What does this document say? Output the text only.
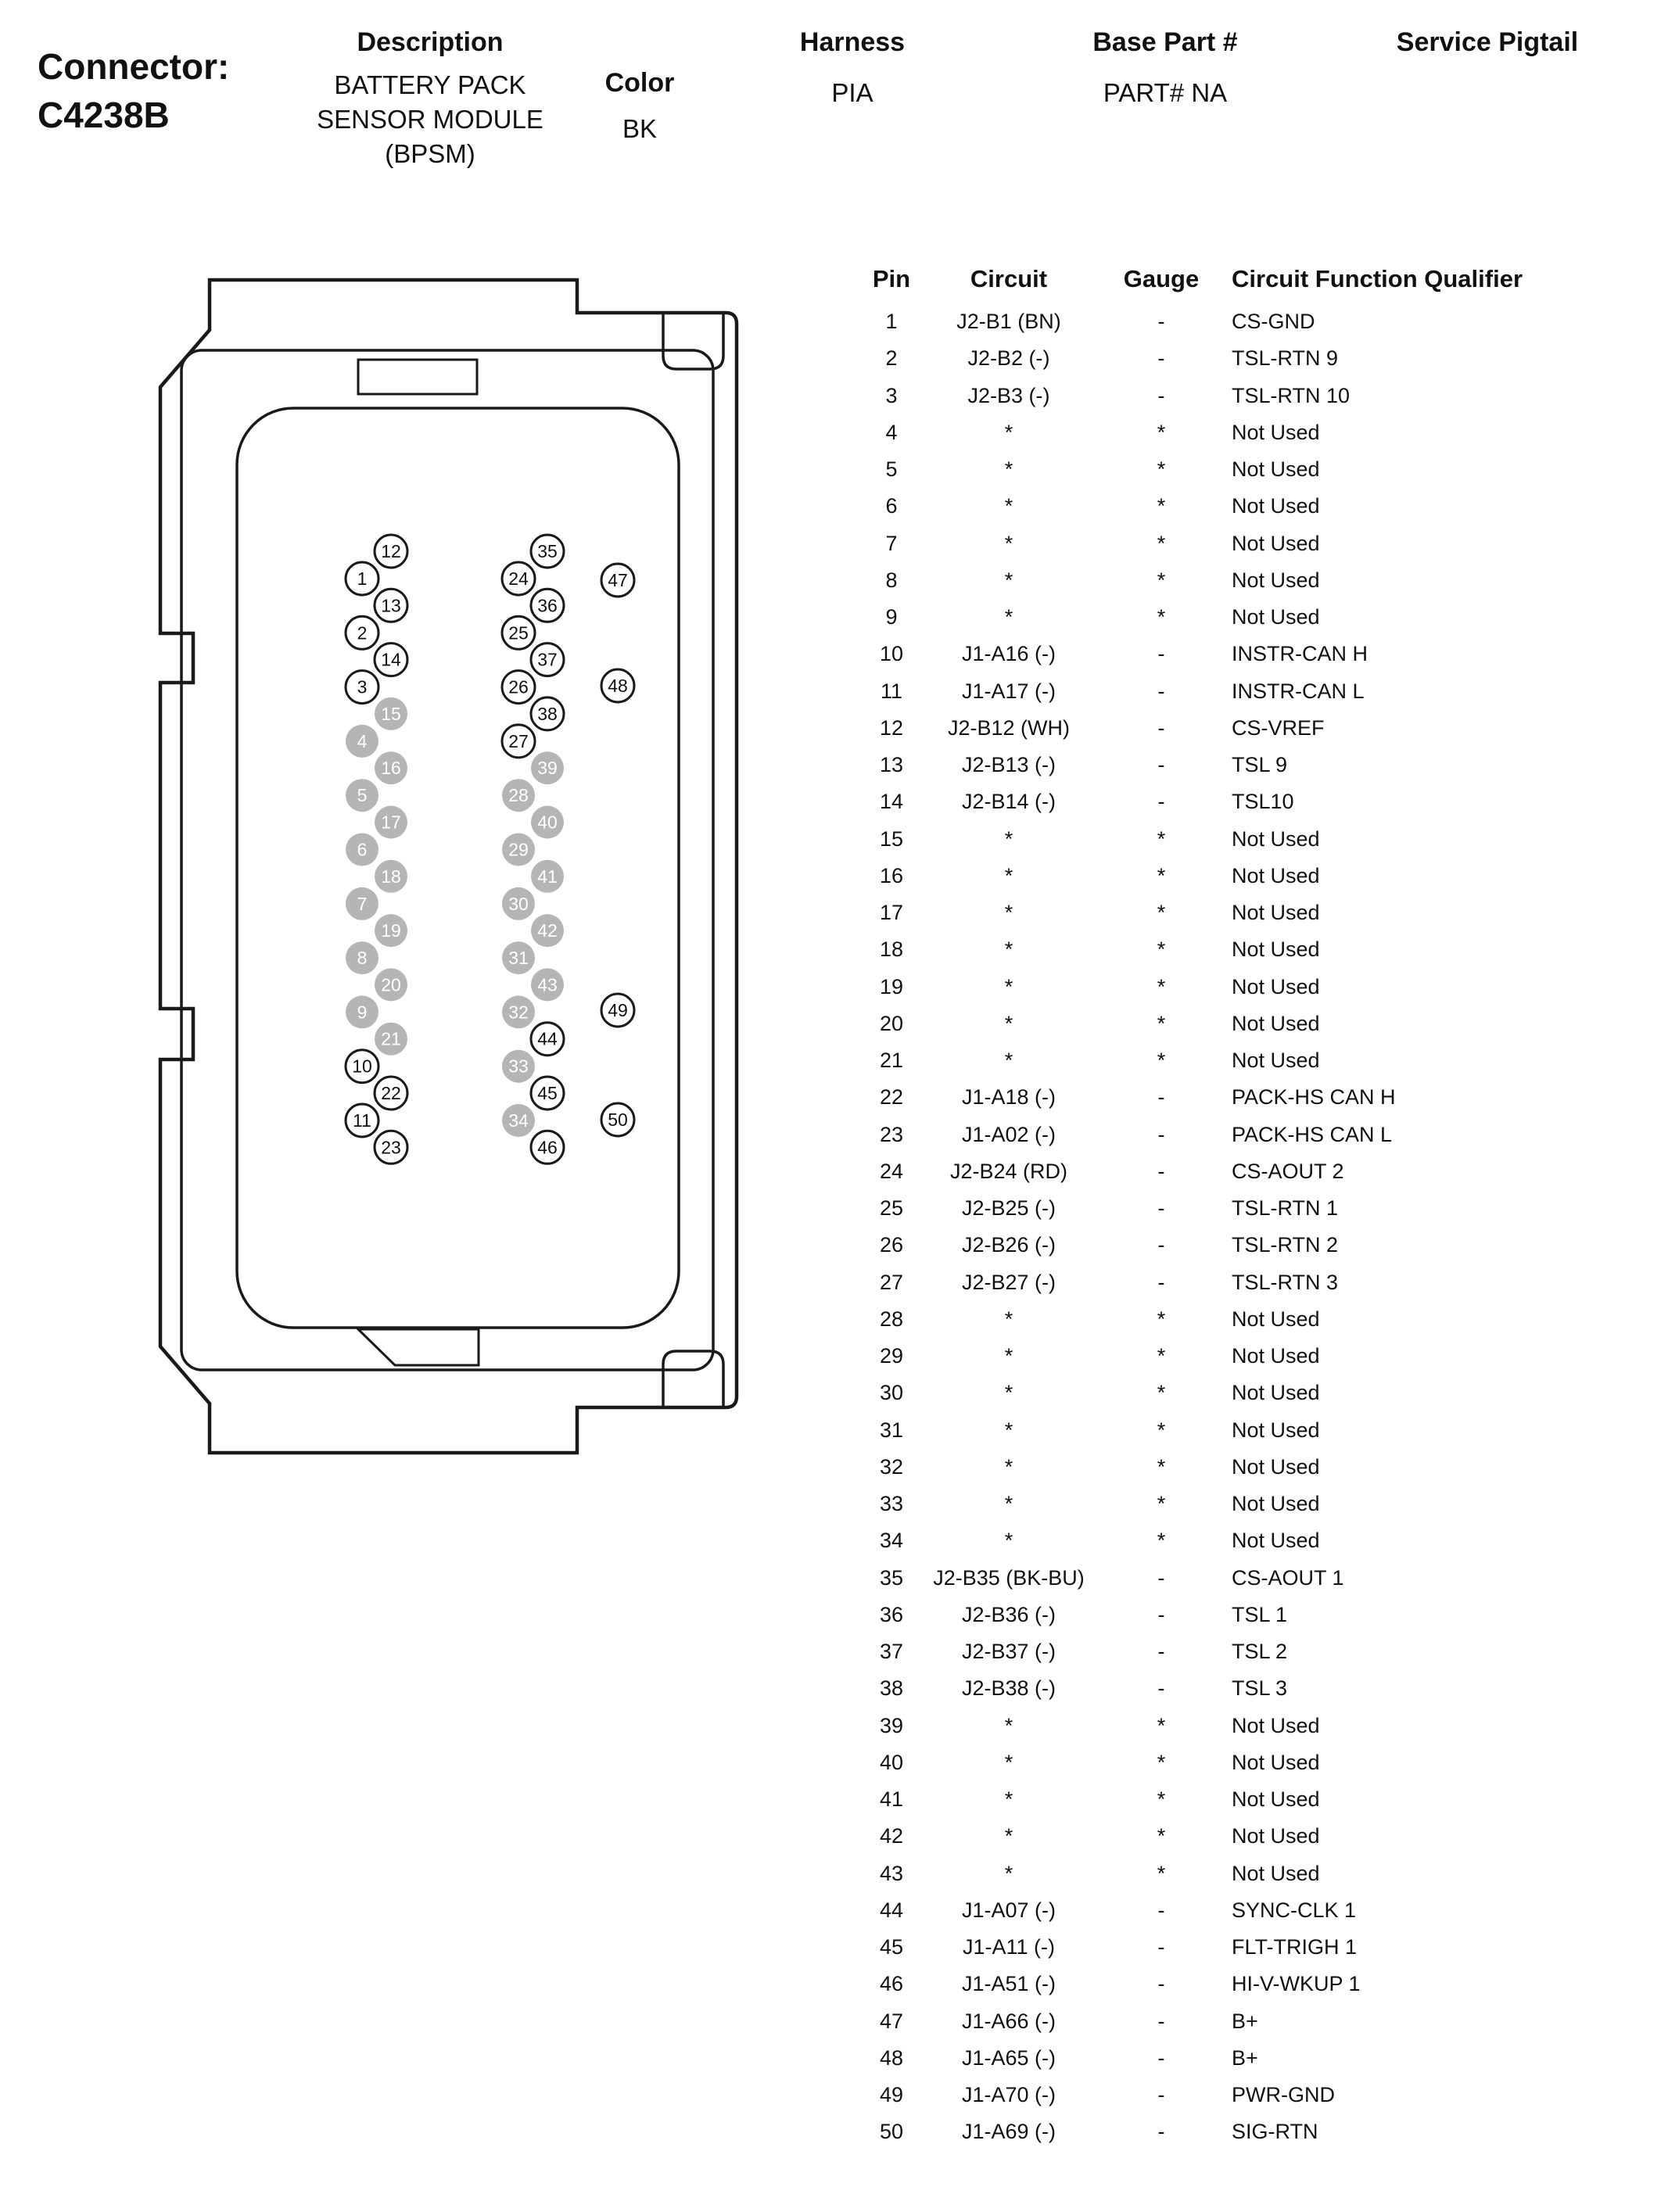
Connector:
C4238B
Description
BATTERY PACK
SENSOR MODULE
(BPSM)
Color
BK
Harness
PIA
Base Part #
PART# NA
Service Pigtail
1
2
3
4
5
6
7
8
9
10
11
12
13
14
15
16
17
18
19
20
21
22
23
24
25
26
27
28
29
30
31
32
33
34
35
36
37
38
39
40
41
42
43
44
45
46
47
48
49
50
Pin	Circuit	Gauge	Circuit Function Qualifier
1	J2-B1 (BN)	-	CS-GND
2	J2-B2 (-)	-	TSL-RTN 9
3	J2-B3 (-)	-	TSL-RTN 10
4	*	*	Not Used
5	*	*	Not Used
6	*	*	Not Used
7	*	*	Not Used
8	*	*	Not Used
9	*	*	Not Used
10	J1-A16 (-)	-	INSTR-CAN H
11	J1-A17 (-)	-	INSTR-CAN L
12	J2-B12 (WH)	-	CS-VREF
13	J2-B13 (-)	-	TSL 9
14	J2-B14 (-)	-	TSL10
15	*	*	Not Used
16	*	*	Not Used
17	*	*	Not Used
18	*	*	Not Used
19	*	*	Not Used
20	*	*	Not Used
21	*	*	Not Used
22	J1-A18 (-)	-	PACK-HS CAN H
23	J1-A02 (-)	-	PACK-HS CAN L
24	J2-B24 (RD)	-	CS-AOUT 2
25	J2-B25 (-)	-	TSL-RTN 1
26	J2-B26 (-)	-	TSL-RTN 2
27	J2-B27 (-)	-	TSL-RTN 3
28	*	*	Not Used
29	*	*	Not Used
30	*	*	Not Used
31	*	*	Not Used
32	*	*	Not Used
33	*	*	Not Used
34	*	*	Not Used
35	J2-B35 (BK-BU)	-	CS-AOUT 1
36	J2-B36 (-)	-	TSL 1
37	J2-B37 (-)	-	TSL 2
38	J2-B38 (-)	-	TSL 3
39	*	*	Not Used
40	*	*	Not Used
41	*	*	Not Used
42	*	*	Not Used
43	*	*	Not Used
44	J1-A07 (-)	-	SYNC-CLK 1
45	J1-A11 (-)	-	FLT-TRIGH 1
46	J1-A51 (-)	-	HI-V-WKUP 1
47	J1-A66 (-)	-	B+
48	J1-A65 (-)	-	B+
49	J1-A70 (-)	-	PWR-GND
50	J1-A69 (-)	-	SIG-RTN
